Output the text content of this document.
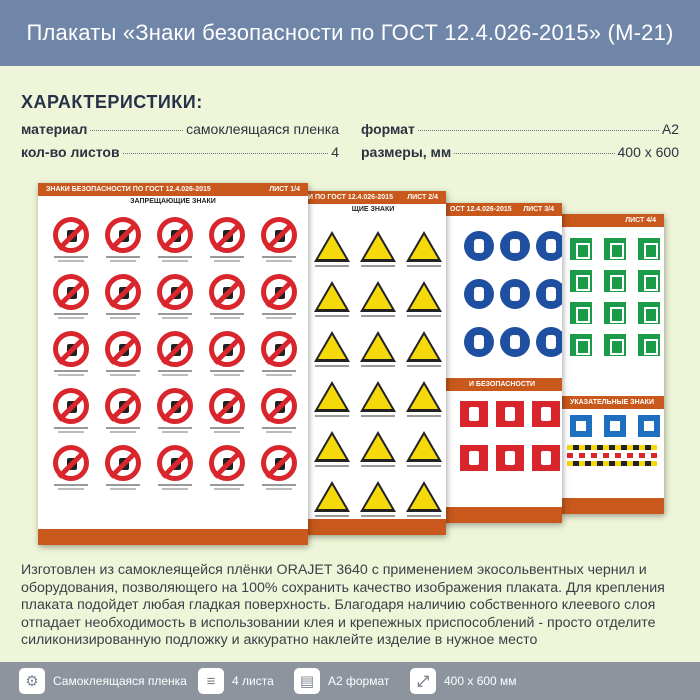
Плакаты «Знаки безопасности по ГОСТ 12.4.026-2015» (М-21)
ХАРАКТЕРИСТИКИ:
материал	самоклеящаяся пленка
кол-во листов	4
формат	А2
размеры, мм	400 х 600
ЛИСТ 4/4
УКАЗАТЕЛЬНЫЕ ЗНАКИ
ОСТ 12.4.026-2015 ЛИСТ 3/4
И БЕЗОПАСНОСТИ
И ПО ГОСТ 12.4.026-2015 ЛИСТ 2/4
ЩИЕ ЗНАКИ
ЗНАКИ БЕЗОПАСНОСТИ ПО ГОСТ 12.4.026-2015	ЛИСТ 1/4
ЗАПРЕЩАЮЩИЕ ЗНАКИ
Изготовлен из самоклеящейся плёнки ORAJET 3640 с применением экосольвентных чернил и оборудования, позволяющего на 100% сохранить качество изображения плаката. Для крепления плаката подойдет любая гладкая поверхность. Благодаря наличию собственного клеевого слоя отпадает необходимость в использовании клея и крепежных приспособлений - просто отделите силиконизированную подложку и аккуратно наклейте изделие в нужное место
⚙	Самоклеящаяся пленка	≡	4 листа	▤	А2 формат	⤢	400 х 600 мм
